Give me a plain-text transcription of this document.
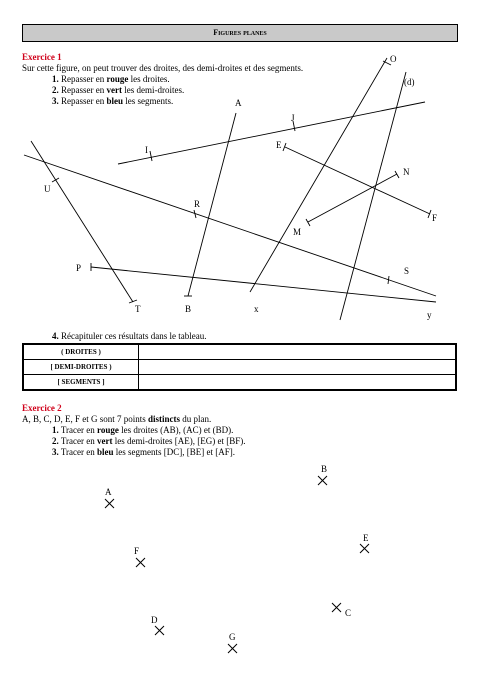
Figures planes
Exercice 1
Sur cette figure, on peut trouver des droites, des demi-droites et des segments.
1. Repasser en rouge les droites.
2. Repasser en vert les demi-droites.
3. Repasser en bleu les segments.
O
(d)
A
J
I	E
N
U
R
F
M
P	S
T	B	x
y
A
B
C
D
E
F
G
4. Récapituler ces résultats dans le tableau.
( DROITES )	
[ DEMI-DROITES )	
[ SEGMENTS ]	
Exercice 2
A, B, C, D, E, F et G sont 7 points distincts du plan.
1. Tracer en rouge les droites (AB), (AC) et (BD).
2. Tracer en vert les demi-droites [AE), [EG) et [BF).
3. Tracer en bleu les segments [DC], [BE] et [AF].
